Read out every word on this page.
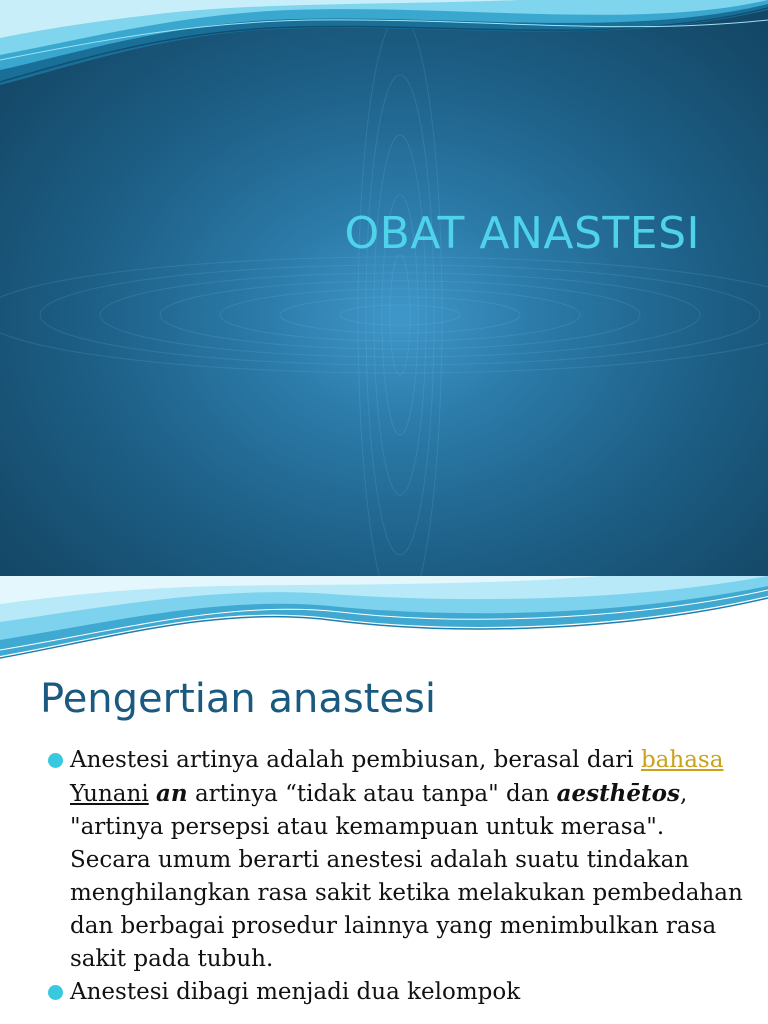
OBAT ANASTESI
Pengertian anastesi
Anestesi artinya adalah pembiusan, berasal dari bahasa Yunani an artinya “tidak atau tanpa" dan aesthētos, "artinya persepsi atau kemampuan untuk merasa". Secara umum berarti anestesi adalah suatu tindakan menghilangkan rasa sakit ketika melakukan pembedahan dan berbagai prosedur lainnya yang menimbulkan rasa sakit pada tubuh.
Anestesi dibagi menjadi dua kelompok
